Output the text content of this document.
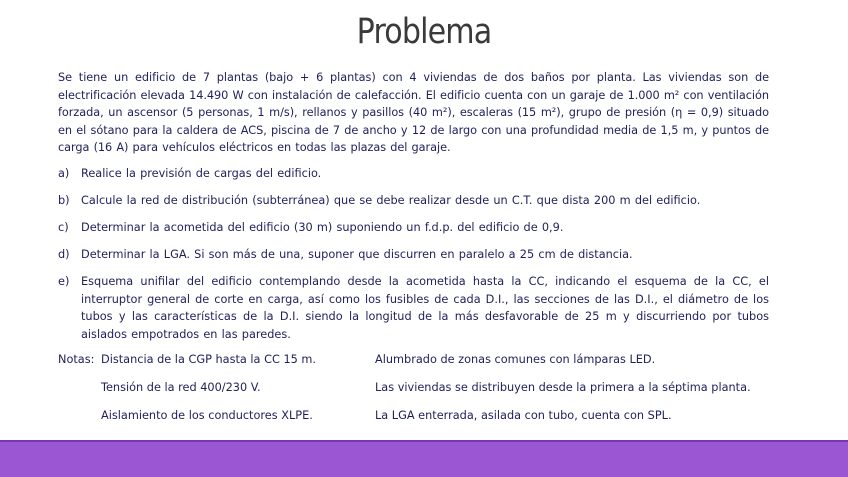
Problema
Se tiene un edificio de 7 plantas (bajo + 6 plantas) con 4 viviendas de dos baños por planta. Las viviendas son de electrificación elevada 14.490 W con instalación de calefacción. El edificio cuenta con un garaje de 1.000 m² con ventilación forzada, un ascensor (5 personas, 1 m/s), rellanos y pasillos (40 m²), escaleras (15 m²), grupo de presión (η = 0,9) situado en el sótano para la caldera de ACS, piscina de 7 de ancho y 12 de largo con una profundidad media de 1,5 m, y puntos de carga (16 A) para vehículos eléctricos en todas las plazas del garaje.
a) Realice la previsión de cargas del edificio.
b) Calcule la red de distribución (subterránea) que se debe realizar desde un C.T. que dista 200 m del edificio.
c) Determinar la acometida del edificio (30 m) suponiendo un f.d.p. del edificio de 0,9.
d) Determinar la LGA. Si son más de una, suponer que discurren en paralelo a 25 cm de distancia.
e) Esquema unifilar del edificio contemplando desde la acometida hasta la CC, indicando el esquema de la CC, el interruptor general de corte en carga, así como los fusibles de cada D.I., las secciones de las D.I., el diámetro de los tubos y las características de la D.I. siendo la longitud de la más desfavorable de 25 m y discurriendo por tubos aislados empotrados en las paredes.
Notas: Distancia de la CGP hasta la CC 15 m.
Tensión de la red 400/230 V.
Aislamiento de los conductores XLPE.
Alumbrado de zonas comunes con lámparas LED.
Las viviendas se distribuyen desde la primera a la séptima planta.
La LGA enterrada, asilada con tubo, cuenta con SPL.
